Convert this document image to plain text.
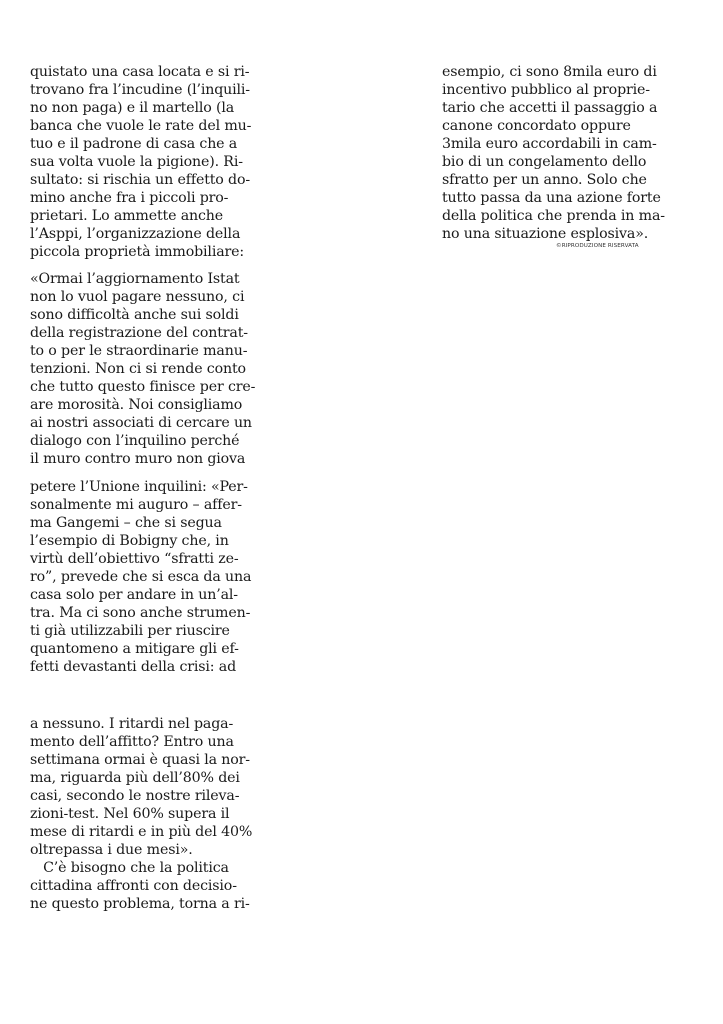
quistato una casa locata e si ri-
trovano fra l’incudine (l’inquili-
no non paga) e il martello (la
banca che vuole le rate del mu-
tuo e il padrone di casa che a
sua volta vuole la pigione). Ri-
sultato: si rischia un effetto do-
mino anche fra i piccoli pro-
prietari. Lo ammette anche
l’Asppi, l’organizzazione della
piccola proprietà immobiliare:
«Ormai l’aggiornamento Istat
non lo vuol pagare nessuno, ci
sono difficoltà anche sui soldi
della registrazione del contrat-
to o per le straordinarie manu-
tenzioni. Non ci si rende conto
che tutto questo finisce per cre-
are morosità. Noi consigliamo
ai nostri associati di cercare un
dialogo con l’inquilino perché
il muro contro muro non giova
petere l’Unione inquilini: «Per-
sonalmente mi auguro – affer-
ma Gangemi – che si segua
l’esempio di Bobigny che, in
virtù dell’obiettivo “sfratti ze-
ro”, prevede che si esca da una
casa solo per andare in un’al-
tra. Ma ci sono anche strumen-
ti già utilizzabili per riuscire
quantomeno a mitigare gli ef-
fetti devastanti della crisi: ad
a nessuno. I ritardi nel paga-
mento dell’affitto? Entro una
settimana ormai è quasi la nor-
ma, riguarda più dell’80% dei
casi, secondo le nostre rileva-
zioni-test. Nel 60% supera il
mese di ritardi e in più del 40%
oltrepassa i due mesi».
C’è bisogno che la politica
cittadina affronti con decisio-
ne questo problema, torna a ri-
esempio, ci sono 8mila euro di
incentivo pubblico al proprie-
tario che accetti il passaggio a
canone concordato oppure
3mila euro accordabili in cam-
bio di un congelamento dello
sfratto per un anno. Solo che
tutto passa da una azione forte
della politica che prenda in ma-
no una situazione esplosiva».
©RIPRODUZIONE RISERVATA
